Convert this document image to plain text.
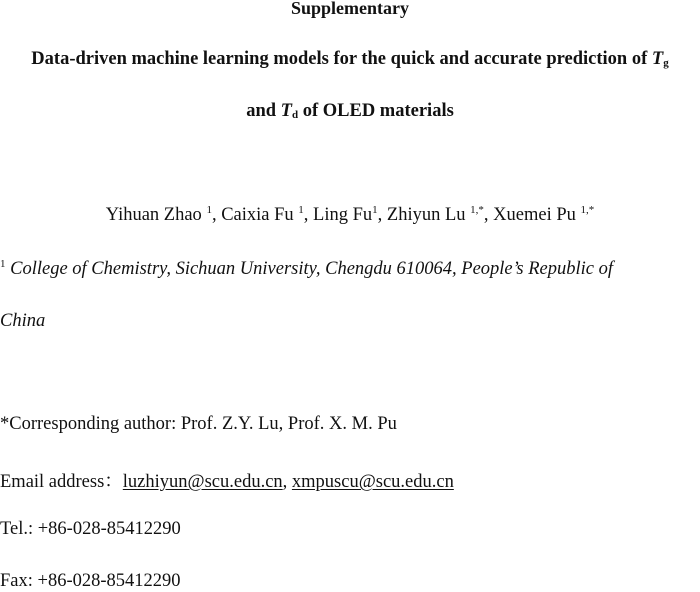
Supplementary
Data-driven machine learning models for the quick and accurate prediction of $T_g$
and $T_d$ of OLED materials
Yihuan Zhao $^1$, Caixia Fu $^1$, Ling Fu$^1$, Zhiyun Lu $^{1,*}$, Xuemei Pu $^{1,*}$
$^1$ College of Chemistry, Sichuan University, Chengdu 610064, People’s Republic of
China
*Corresponding author: Prof. Z.Y. Lu, Prof. X. M. Pu
Email address：luzhiyun@scu.edu.cn, xmpuscu@scu.edu.cn
Tel.: +86-028-85412290
Fax: +86-028-85412290
